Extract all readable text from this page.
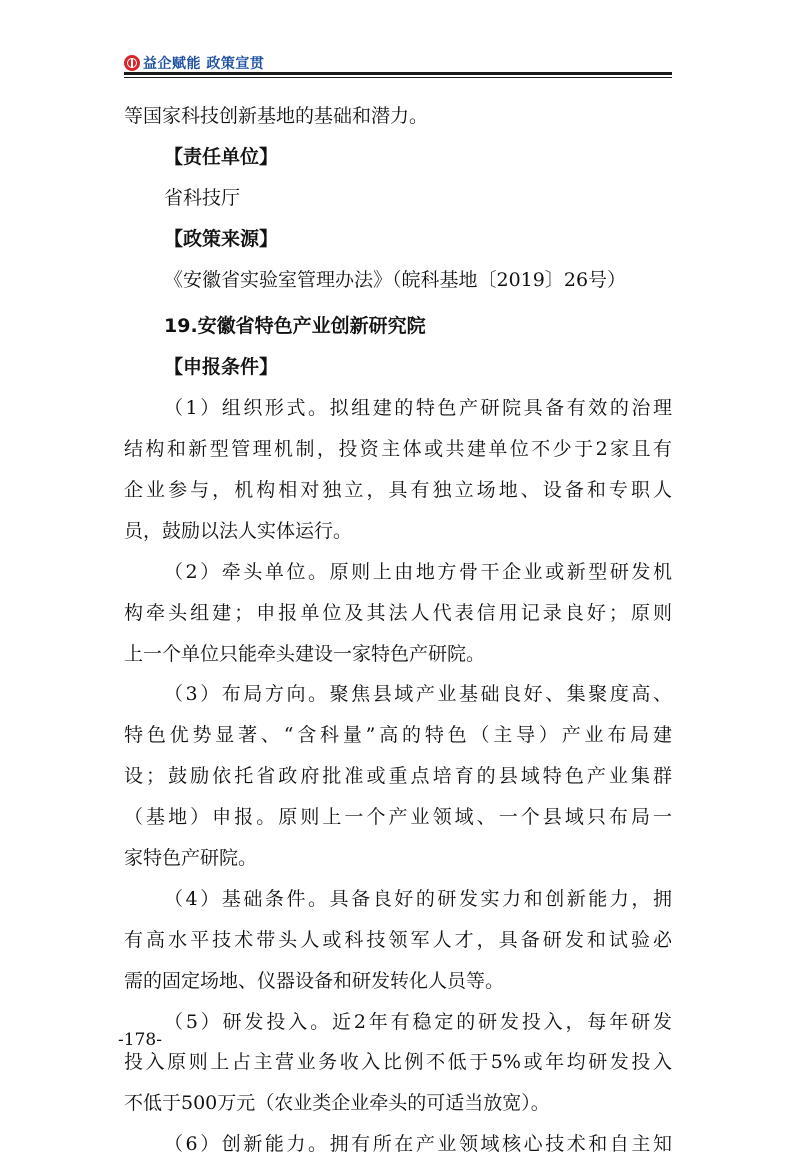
益企赋能 政策宣贯
等国家科技创新基地的基础和潜力。
【责任单位】
省科技厅
【政策来源】
《安徽省实验室管理办法》（皖科基地〔2019〕26号）
19.安徽省特色产业创新研究院
【申报条件】
（1）组织形式。拟组建的特色产研院具备有效的治理
结构和新型管理机制，投资主体或共建单位不少于2家且有
企业参与，机构相对独立，具有独立场地、设备和专职人
员，鼓励以法人实体运行。
（2）牵头单位。原则上由地方骨干企业或新型研发机
构牵头组建；申报单位及其法人代表信用记录良好；原则
上一个单位只能牵头建设一家特色产研院。
（3）布局方向。聚焦县域产业基础良好、集聚度高、
特色优势显著、“含科量”高的特色（主导）产业布局建
设；鼓励依托省政府批准或重点培育的县域特色产业集群
（基地）申报。原则上一个产业领域、一个县域只布局一
家特色产研院。
（4）基础条件。具备良好的研发实力和创新能力，拥
有高水平技术带头人或科技领军人才，具备研发和试验必
需的固定场地、仪器设备和研发转化人员等。
（5）研发投入。近2年有稳定的研发投入，每年研发
投入原则上占主营业务收入比例不低于5%或年均研发投入
不低于500万元（农业类企业牵头的可适当放宽）。
（6）创新能力。拥有所在产业领域核心技术和自主知
-178-
